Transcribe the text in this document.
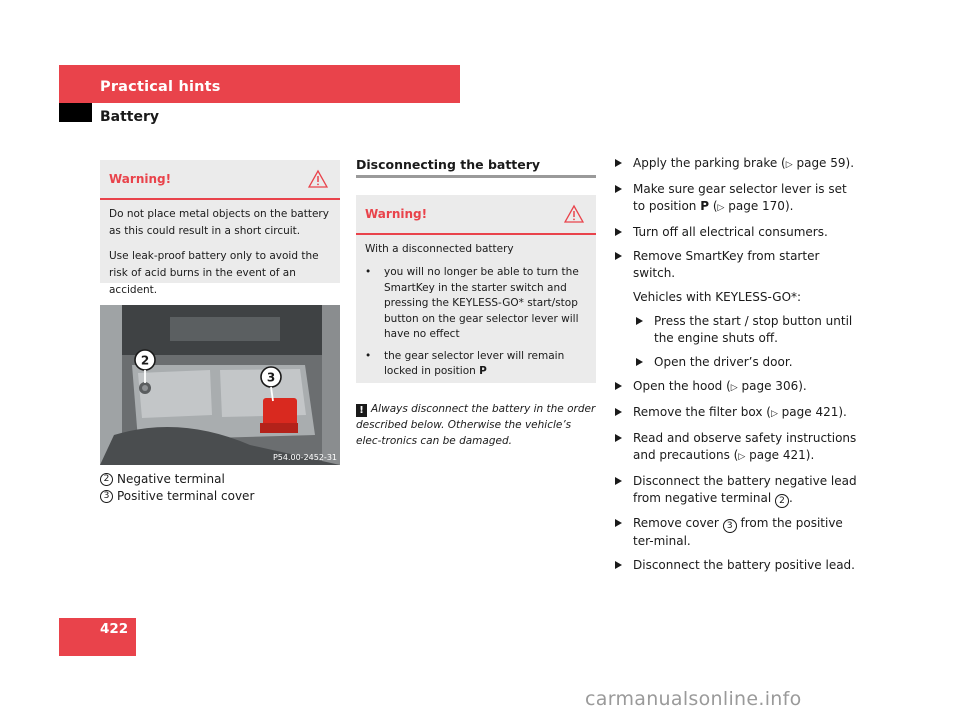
Practical hints
Battery
Warning!

Do not place metal objects on the battery as this could result in a short circuit.

Use leak-proof battery only to avoid the risk of acid burns in the event of an accident.

2
3
P54.00-2452-31
2 Negative terminal
3 Positive terminal cover
Disconnecting the battery
Warning!

With a disconnected battery

• you will no longer be able to turn the SmartKey in the starter switch and pressing the KEYLESS-GO* start/stop button on the gear selector lever will have no effect
• the gear selector lever will remain locked in position P
! Always disconnect the battery in the order described below. Otherwise the vehicle’s elec-tronics can be damaged.
Apply the parking brake (▷ page 59).
Make sure gear selector lever is set to position P (▷ page 170).
Turn off all electrical consumers.
Remove SmartKey from starter switch.
Vehicles with KEYLESS-GO*:
Press the start / stop button until the engine shuts off.
Open the driver’s door.
Open the hood (▷ page 306).
Remove the filter box (▷ page 421).
Read and observe safety instructions and precautions (▷ page 421).
Disconnect the battery negative lead from negative terminal 2 .
Remove cover 3 from the positive ter-minal.
Disconnect the battery positive lead.
422
carmanualsonline.info
